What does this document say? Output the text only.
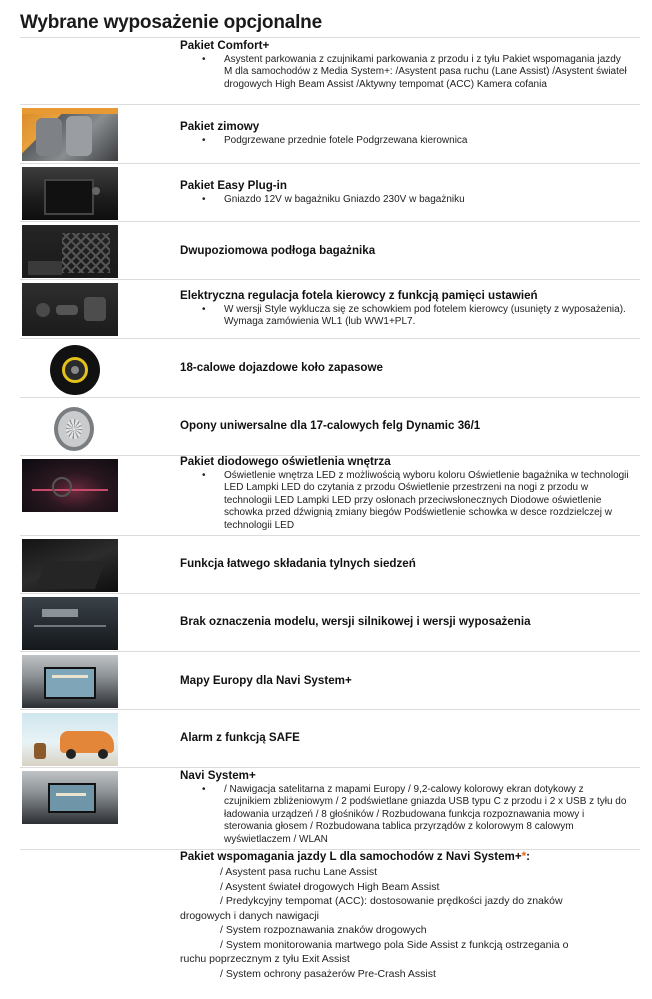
Wybrane wyposażenie opcjonalne
Pakiet Comfort+
• Asystent parkowania z czujnikami parkowania z przodu i z tyłu Pakiet wspomagania jazdy M dla samochodów z Media System+: /Asystent pasa ruchu (Lane Assist) /Asystent świateł drogowych High Beam Assist /Aktywny tempomat (ACC) Kamera cofania
Pakiet zimowy
• Podgrzewane przednie fotele Podgrzewana kierownica
Pakiet Easy Plug-in
• Gniazdo 12V w bagażniku Gniazdo 230V w bagażniku
Dwupoziomowa podłoga bagażnika
Elektryczna regulacja fotela kierowcy z funkcją pamięci ustawień
• W wersji Style wyklucza się ze schowkiem pod fotelem kierowcy (usunięty z wyposażenia). Wymaga zamówienia WL1 (lub WW1+PL7.
18-calowe dojazdowe koło zapasowe
Opony uniwersalne dla 17-calowych felg Dynamic 36/1
Pakiet diodowego oświetlenia wnętrza
• Oświetlenie wnętrza LED z możliwością wyboru koloru Oświetlenie bagażnika w technologii LED Lampki LED do czytania z przodu Oświetlenie przestrzeni na nogi z przodu w technologii LED Lampki LED przy osłonach przeciwsłonecznych Diodowe oświetlenie schowka przed dźwignią zmiany biegów Podświetlenie schowka w desce rozdzielczej w technologii LED
Funkcja łatwego składania tylnych siedzeń
Brak oznaczenia modelu, wersji silnikowej i wersji wyposażenia
Mapy Europy dla Navi System+
Alarm z funkcją SAFE
Navi System+
• / Nawigacja satelitarna z mapami Europy / 9,2-calowy kolorowy ekran dotykowy z czujnikiem zbliżeniowym / 2 podświetlane gniazda USB typu C z przodu i 2 x USB z tyłu do ładowania urządzeń / 8 głośników / Rozbudowana funkcja rozpoznawania mowy i sterowania głosem / Rozbudowana tablica przyrządów z kolorowym 8 calowym wyświetlaczem / WLAN
Pakiet wspomagania jazdy L dla samochodów z Navi System+*:
/ Asystent pasa ruchu Lane Assist
/ Asystent świateł drogowych High Beam Assist
/ Predykcyjny tempomat (ACC): dostosowanie prędkości jazdy do znaków
drogowych i danych nawigacji
/ System rozpoznawania znaków drogowych
/ System monitorowania martwego pola Side Assist z funkcją ostrzegania o
ruchu poprzecznym z tyłu Exit Assist
/ System ochrony pasażerów Pre-Crash Assist
